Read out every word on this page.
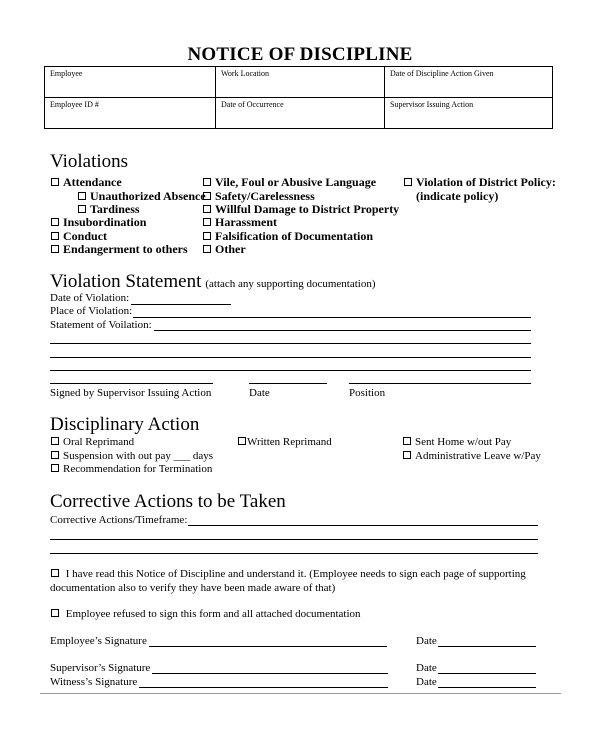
NOTICE OF DISCIPLINE
Employee	Work Location	Date of Discipline Action Given
Employee ID #	Date of Occurrence	Supervisor Issuing Action
Violations
Attendance
Unauthorized Absence
Tardiness
Insubordination
Conduct
Endangerment to others
Vile, Foul or Abusive Language
Safety/Carelessness
Willful Damage to District Property
Harassment
Falsification of Documentation
Other
Violation of District Policy:
(indicate policy)
Violation Statement (attach any supporting documentation)
Date of Violation:
Place of Violation:
Statement of Voilation:
Signed by Supervisor Issuing Action	Date	Position
Disciplinary Action
Oral Reprimand	Written Reprimand	Sent Home w/out Pay
Suspension with out pay ___ days	Administrative Leave w/Pay
Recommendation for Termination
Corrective Actions to be Taken
Corrective Actions/Timeframe:
I have read this Notice of Discipline and understand it. (Employee needs to sign each page of supporting
documentation also to verify they have been made aware of that)
Employee refused to sign this form and all attached documentation
Employee’s Signature	Date
Supervisor’s Signature	Date
Witness’s Signature	Date
